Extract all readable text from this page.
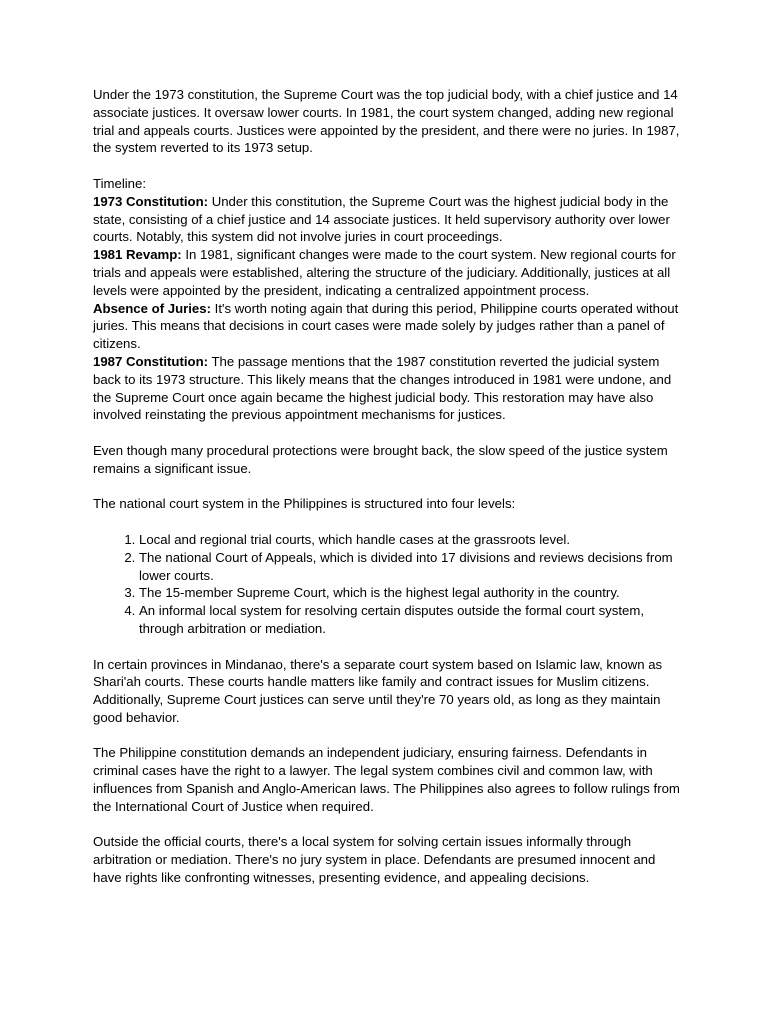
Under the 1973 constitution, the Supreme Court was the top judicial body, with a chief justice and 14 associate justices. It oversaw lower courts. In 1981, the court system changed, adding new regional trial and appeals courts. Justices were appointed by the president, and there were no juries. In 1987, the system reverted to its 1973 setup.

Timeline:

1973 Constitution: Under this constitution, the Supreme Court was the highest judicial body in the state, consisting of a chief justice and 14 associate justices. It held supervisory authority over lower courts. Notably, this system did not involve juries in court proceedings.

1981 Revamp: In 1981, significant changes were made to the court system. New regional courts for trials and appeals were established, altering the structure of the judiciary. Additionally, justices at all levels were appointed by the president, indicating a centralized appointment process.

Absence of Juries: It's worth noting again that during this period, Philippine courts operated without juries. This means that decisions in court cases were made solely by judges rather than a panel of citizens.

1987 Constitution: The passage mentions that the 1987 constitution reverted the judicial system back to its 1973 structure. This likely means that the changes introduced in 1981 were undone, and the Supreme Court once again became the highest judicial body. This restoration may have also involved reinstating the previous appointment mechanisms for justices.

Even though many procedural protections were brought back, the slow speed of the justice system remains a significant issue.

The national court system in the Philippines is structured into four levels:

1. Local and regional trial courts, which handle cases at the grassroots level.
2. The national Court of Appeals, which is divided into 17 divisions and reviews decisions from lower courts.
3. The 15-member Supreme Court, which is the highest legal authority in the country.
4. An informal local system for resolving certain disputes outside the formal court system, through arbitration or mediation.

In certain provinces in Mindanao, there's a separate court system based on Islamic law, known as Shari'ah courts. These courts handle matters like family and contract issues for Muslim citizens. Additionally, Supreme Court justices can serve until they're 70 years old, as long as they maintain good behavior.

The Philippine constitution demands an independent judiciary, ensuring fairness. Defendants in criminal cases have the right to a lawyer. The legal system combines civil and common law, with influences from Spanish and Anglo-American laws. The Philippines also agrees to follow rulings from the International Court of Justice when required.

Outside the official courts, there's a local system for solving certain issues informally through arbitration or mediation. There's no jury system in place. Defendants are presumed innocent and have rights like confronting witnesses, presenting evidence, and appealing decisions.
